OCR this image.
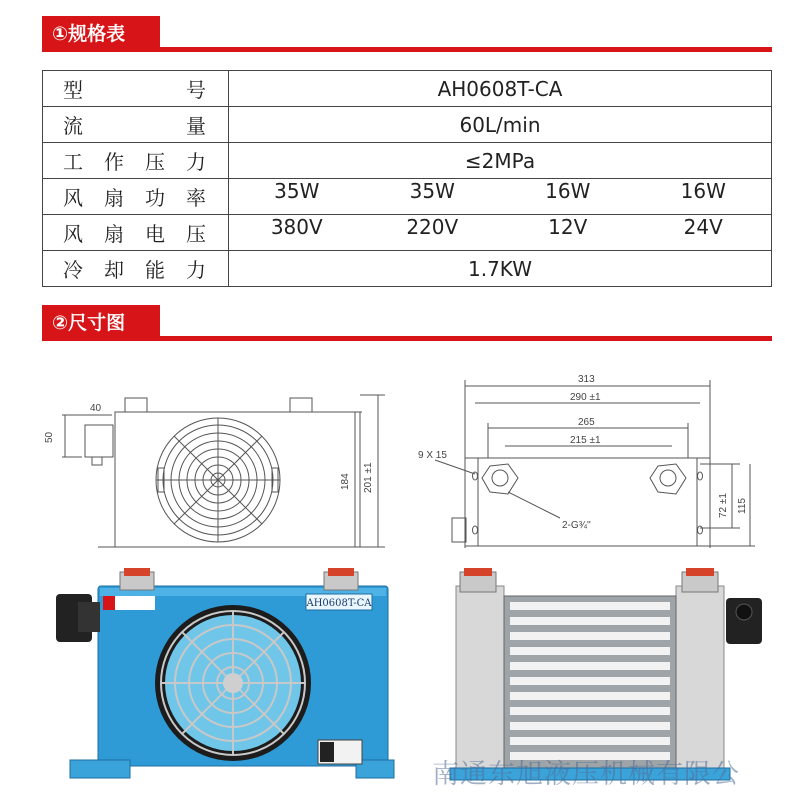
①规格表
型 号	AH0608T-CA

流 量	60L/min

工 作 压 力	≤2MPa

风 扇 功 率	35W 35W 16W 16W

风 扇 电 压	380V 220V 12V 24V

冷 却 能 力	1.7KW
②尺寸图
40
50
184 201 ±1
313
290 ±1
265
215 ±1
9 X 15
2-G¾''
72 ±1 115
AH0608T-CA
南通东旭液压机械有限公
